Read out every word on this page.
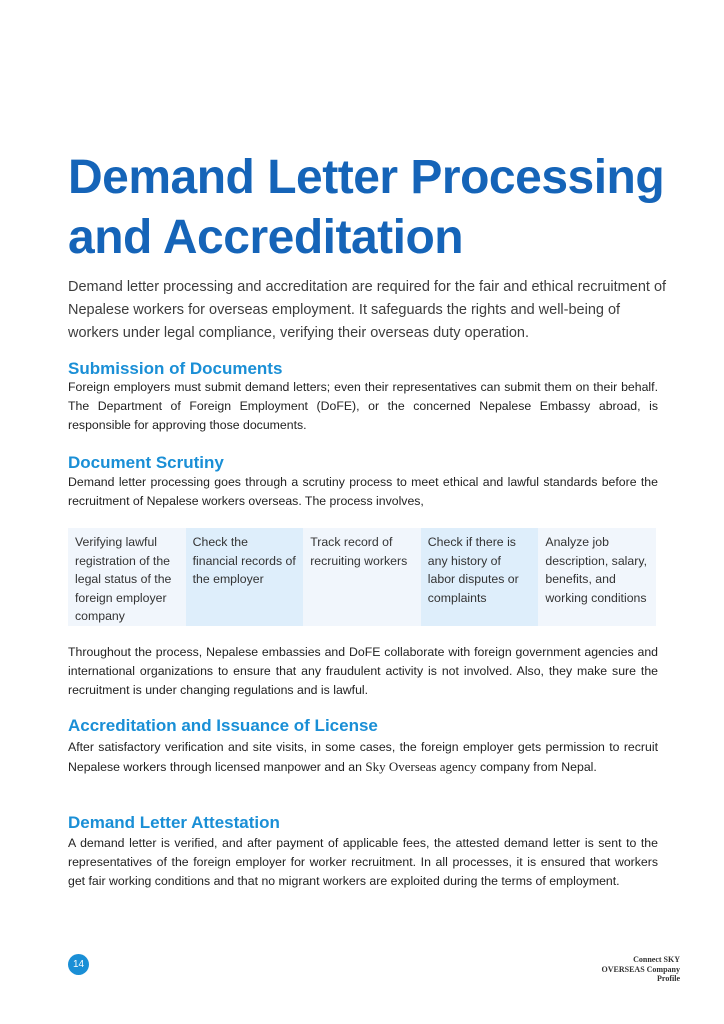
Demand Letter Processing
and Accreditation

Demand letter processing and accreditation are required for the fair and ethical recruitment of Nepalese workers for overseas employment. It safeguards the rights and well-being of workers under legal compliance, verifying their overseas duty operation.

Submission of Documents

Foreign employers must submit demand letters; even their representatives can submit them on their behalf. The Department of Foreign Employment (DoFE), or the concerned Nepalese Embassy abroad, is responsible for approving those documents.

Document Scrutiny

Demand letter processing goes through a scrutiny process to meet ethical and lawful standards before the recruitment of Nepalese workers overseas. The process involves,

Verifying lawful registration of the legal status of the foreign employer company
Check the financial records of the employer
Track record of recruiting workers
Check if there is any history of labor disputes or complaints
Analyze job description, salary, benefits, and working conditions

Throughout the process, Nepalese embassies and DoFE collaborate with foreign government agencies and international organizations to ensure that any fraudulent activity is not involved. Also, they make sure the recruitment is under changing regulations and is lawful.

Accreditation and Issuance of License

After satisfactory verification and site visits, in some cases, the foreign employer gets permission to recruit Nepalese workers through licensed manpower and an Sky Overseas agency company from Nepal.

Demand Letter Attestation

A demand letter is verified, and after payment of applicable fees, the attested demand letter is sent to the representatives of the foreign employer for worker recruitment. In all processes, it is ensured that workers get fair working conditions and that no migrant workers are exploited during the terms of employment.

14	Connect SKY
OVERSEAS Company
Profile
